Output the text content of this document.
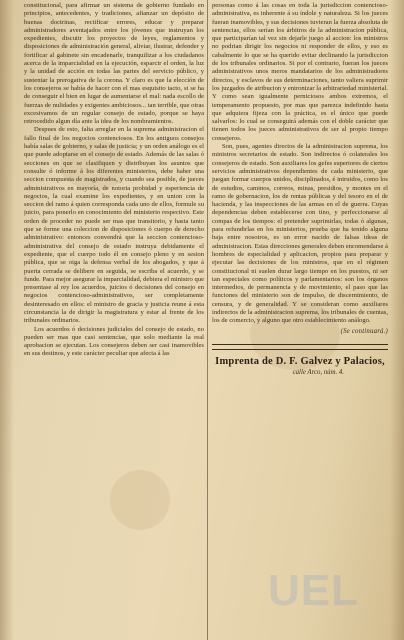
constitucional, para afirmar un sistema de gobierno fundado en principios, antecedentes, y tradiciones, afianzar un depósito de buenas doctrinas, rectificar errores, educar y preparar administradores aventajados entre los jóvenes que instruyan los expedientes, discutir los proyectos de leyes, reglamentos y disposiciones de administración general, aliviar, ilustrar, defender y fortificar al gabinete sin encadenarle, tranquilizar a los ciudadanos acerca de la imparcialidad en la ejecución, esparcir el orden, la luz y la unidad de acción en todas las partes del servicio público, y sustentar la prerogativa de la corona. Y claro es que la elección de los consejeros se había de hacer con el mas esquisito tacto, si se ha de conseguir el bien en lugar de aumentarse el mal: nada escollo de fuerzas de nulidades y exigentes ambiciosos... tan terrible, que otras excesivamos de un regular consejo de estado, porque se haya retrocedido algun día ante la idea de los nombramientos.

Despues de esto, falta arreglar en la suprema administracion el fallo final de los negocios contenciosos. En los antiguos consejos había salas de gobierno, y salas de justicia; y un orden análogo es el que puede adoptarse en el consejo de estado. Además de las salas ó secciones en que se clasifiquen y distribuyan los asuntos que consulte ó informe á los diferentes ministerios, debe haber una seccion compuesta de magistrados, y cuando sea posible, de jueces administrativos en mayoría, de notoria probidad y esperiencia de negocios, la cual examine los expedientes, y en union con la seccion del ramo á quien corresponda cada uno de ellos, formule su juicio, para ponerlo en conocimiento del ministerio respectivo. Este orden de proceder no puede ser mas que transitorio, y hasta tanto que se forme una coleccion de disposiciones ó cuerpo de derecho administrativo: entonces convendrá que la seccion contencioso-administrativa del consejo de estado instruya debidamente el expediente, que el cuerpo todo él en consejo pleno y en sesion pública, que se oiga la defensa verbal de los abogados, y que á puerta cerrada se delibere en seguida, se escriba el acuerdo, y se funde. Para mejor asegurar la imparcialidad, debiera el ministro que presentase al rey los acuerdos, juicios ó decisiones del consejo en negocios contencioso-administrativos, ser completamente desinteresado en ellos: el ministro de gracia y justicia reune á esta circunstancia la de dirigir la magistratura y estar al frente de los tribunales ordinarios.

Los acuerdos ó decisiones judiciales del consejo de estado, no pueden ser mas que casi sentencias, que solo mediante la real aprobacion se ejecutan. Los consejeros deben ser casi inamovibles en sus destinos, y este carácter peculiar que afecta á las

personas como á las cosas en toda la jurisdiccion contencioso-administrativa, es inherente á su índole y naturaleza. Si los jueces fueran inamovibles, y sus decisiones tuvieran la fuerza absoluta de sentencias, ellos serían los árbitros de la administracion pública, que participarían tal vez sin dejarle juego al accion: los ministros no podrian dirigir los negocios ni responder de ellos, y eso es cabalmente lo que se ha querido evitar declinando la jurisdiccion de los tribunales ordinarios. Si por el contrario, fueran los jueces administrativos unos meros mandatarios de los administradores directos, y esclavos de sus determinaciones, tanto valiera suprimir los juzgados de atribucion y entronizar la arbitrariedad ministerial. Y como sean igualmente perniciosos ambos extremos, el temperamento propuesto, por mas que parezca indefinido hasta que adquiera fijeza con la práctica, es el único que puede salvarlos: lo cual se conseguirá además con el doble carácter que tienen todos los jueces administrativos de ser al propio tiempo consejeros.

Son, pues, agentes directos de la administracion suprema, los ministros secretarios de estado. Son indirectos ó colaterales los consejeros de estado. Son auxiliares los gefes superiores de ciertos servicios administrativos dependientes de cada ministerio, que juegan formar cuerpos unidos, disciplinados, é intruidos, como los de estudios, caminos, correos, minas, presidios, y montes en el ramo de gobernacion, los de rentas públicas y del tesoro en el de hacienda, y las inspecciones de las armas en el de guerra. Cuyas dependencias deben establecerse con tino, y perfeccionarse al compas de los tiempos: el pretender suprimirlas, todas ó algunas, para refundirlas en los ministerios, prueba que ha tenido alguna baja entre nosotros, es un error nacido de falsas ideas de administracion. Estas direcciones generales deben encomendarse á hombres de especialidad y aplicacion, propios para preparar y ejecutar las decisiones de los ministros, que en el régimen constitucional ni suelen durar largo tiempo en los puestos, ni ser tan especiales como políticos y parlamentarios: son los órganos intermedios, de permanencia y de movimiento, el paso que las funciones del ministerio son de impulso, de discernimiento, de censura, y de generalidad. Y se consideran como auxiliares indirectos de la administracion suprema, los tribunales de cuentas, los de comercio, y alguno que otro establecimiento análogo.

(Se continuará.)
Imprenta de D. F. Galvez y Palacios,
calle Arco, núm. 4.
UEL
